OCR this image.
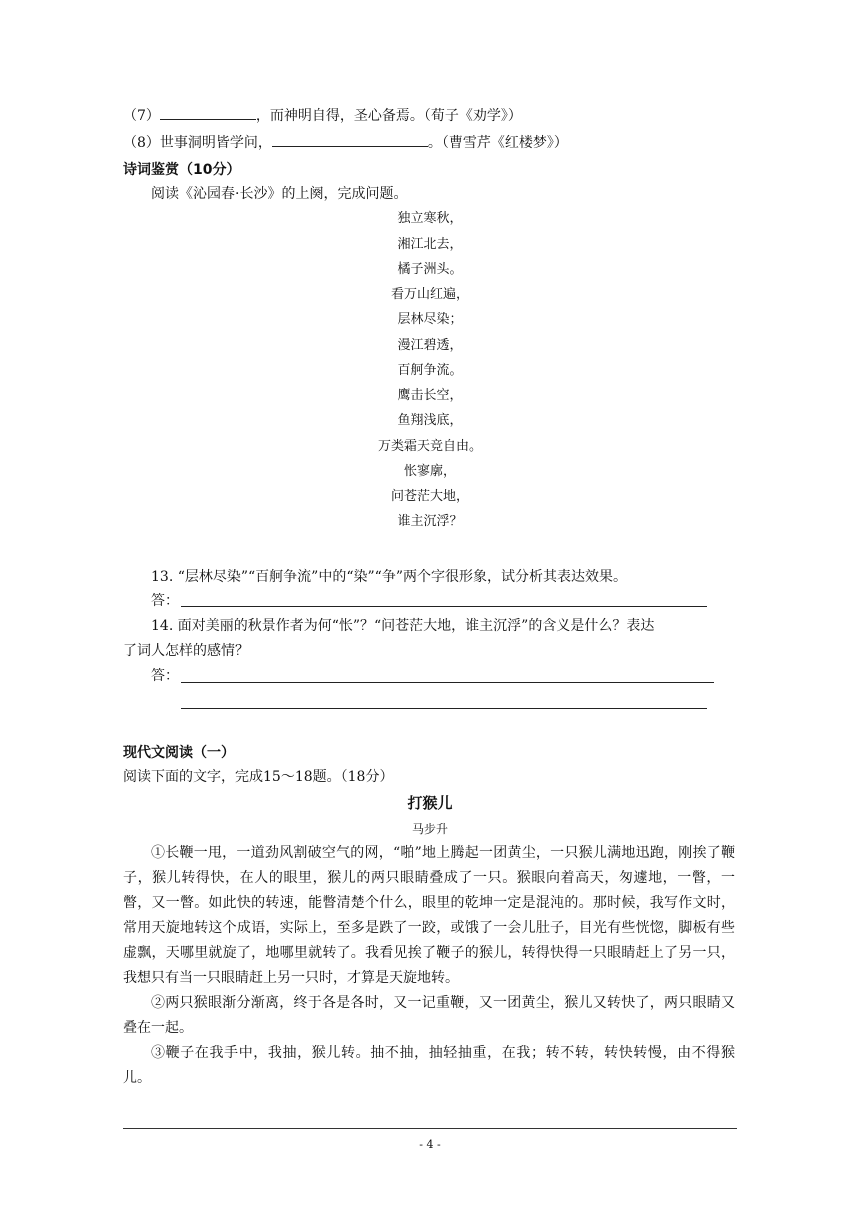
（7）	，而神明自得，圣心备焉。（荀子《劝学》）
（8）世事洞明皆学问，	。（曹雪芹《红楼梦》）
诗词鉴赏（10分）
阅读《沁园春·长沙》的上阕，完成问题。
独立寒秋，
湘江北去，
橘子洲头。
看万山红遍，
层林尽染；
漫江碧透，
百舸争流。
鹰击长空，
鱼翔浅底，
万类霜天竞自由。
怅寥廓，
问苍茫大地，
谁主沉浮？
13. “层林尽染”“百舸争流”中的“染”“争”两个字很形象，试分析其表达效果。
答：
14. 面对美丽的秋景作者为何“怅”？“问苍茫大地，谁主沉浮”的含义是什么？表达
了词人怎样的感情？
答：
现代文阅读（一）
阅读下面的文字，完成15～18题。（18分）
打猴儿
马步升
①长鞭一甩，一道劲风割破空气的网，“啪”地上腾起一团黄尘，一只猴儿满地迅跑，刚挨了鞭子，猴儿转得快，在人的眼里，猴儿的两只眼睛叠成了一只。猴眼向着高天，匆遽地，一瞥，一瞥，又一瞥。如此快的转速，能瞥清楚个什么，眼里的乾坤一定是混沌的。那时候，我写作文时，常用天旋地转这个成语，实际上，至多是跌了一跤，或饿了一会儿肚子，目光有些恍惚，脚板有些虚飘，天哪里就旋了，地哪里就转了。我看见挨了鞭子的猴儿，转得快得一只眼睛赶上了另一只，我想只有当一只眼睛赶上另一只时，才算是天旋地转。
②两只猴眼渐分渐离，终于各是各时，又一记重鞭，又一团黄尘，猴儿又转快了，两只眼睛又叠在一起。
③鞭子在我手中，我抽，猴儿转。抽不抽，抽轻抽重，在我；转不转，转快转慢，由不得猴儿。
- 4 -
